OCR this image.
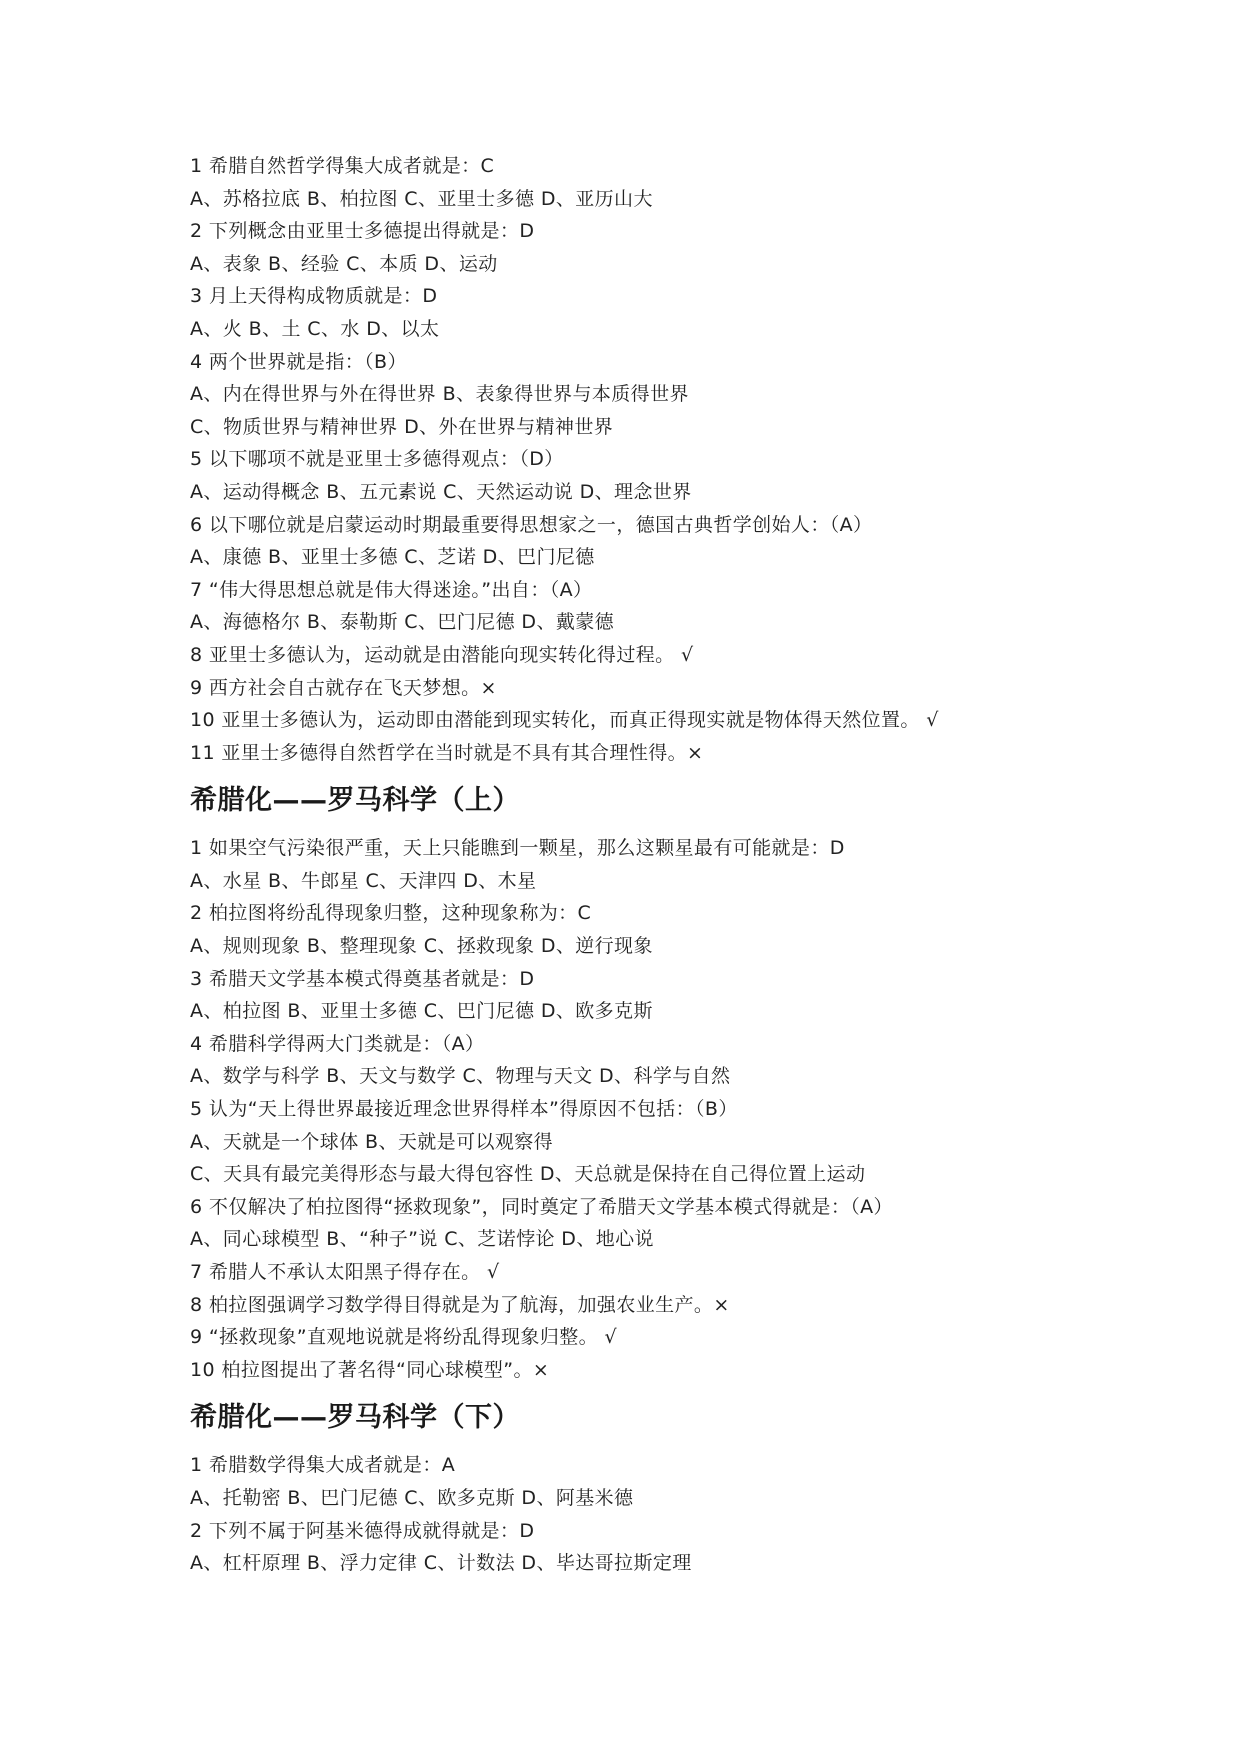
1 希腊自然哲学得集大成者就是：C
A、苏格拉底 B、柏拉图 C、亚里士多德 D、亚历山大
2 下列概念由亚里士多德提出得就是：D
A、表象 B、经验 C、本质 D、运动
3 月上天得构成物质就是：D
A、火 B、土 C、水 D、以太
4 两个世界就是指：（B）
A、内在得世界与外在得世界 B、表象得世界与本质得世界
C、物质世界与精神世界 D、外在世界与精神世界
5 以下哪项不就是亚里士多德得观点：（D）
A、运动得概念 B、五元素说 C、天然运动说 D、理念世界
6 以下哪位就是启蒙运动时期最重要得思想家之一，德国古典哲学创始人：（A）
A、康德 B、亚里士多德 C、芝诺 D、巴门尼德
7 “伟大得思想总就是伟大得迷途。”出自：（A）
A、海德格尔 B、泰勒斯 C、巴门尼德 D、戴蒙德
8 亚里士多德认为，运动就是由潜能向现实转化得过程。 √
9 西方社会自古就存在飞天梦想。×
10 亚里士多德认为，运动即由潜能到现实转化，而真正得现实就是物体得天然位置。 √
11 亚里士多德得自然哲学在当时就是不具有其合理性得。×
希腊化——罗马科学（上）
1 如果空气污染很严重，天上只能瞧到一颗星，那么这颗星最有可能就是：D
A、水星 B、牛郎星 C、天津四 D、木星
2 柏拉图将纷乱得现象归整，这种现象称为：C
A、规则现象 B、整理现象 C、拯救现象 D、逆行现象
3 希腊天文学基本模式得奠基者就是：D
A、柏拉图 B、亚里士多德 C、巴门尼德 D、欧多克斯
4 希腊科学得两大门类就是：（A）
A、数学与科学 B、天文与数学 C、物理与天文 D、科学与自然
5 认为“天上得世界最接近理念世界得样本”得原因不包括：（B）
A、天就是一个球体 B、天就是可以观察得
C、天具有最完美得形态与最大得包容性 D、天总就是保持在自己得位置上运动
6 不仅解决了柏拉图得“拯救现象”，同时奠定了希腊天文学基本模式得就是：（A）
A、同心球模型 B、“种子”说 C、芝诺悖论 D、地心说
7 希腊人不承认太阳黑子得存在。 √
8 柏拉图强调学习数学得目得就是为了航海，加强农业生产。×
9 “拯救现象”直观地说就是将纷乱得现象归整。 √
10 柏拉图提出了著名得“同心球模型”。×
希腊化——罗马科学（下）
1 希腊数学得集大成者就是：A
A、托勒密 B、巴门尼德 C、欧多克斯 D、阿基米德
2 下列不属于阿基米德得成就得就是：D
A、杠杆原理 B、浮力定律 C、计数法 D、毕达哥拉斯定理
